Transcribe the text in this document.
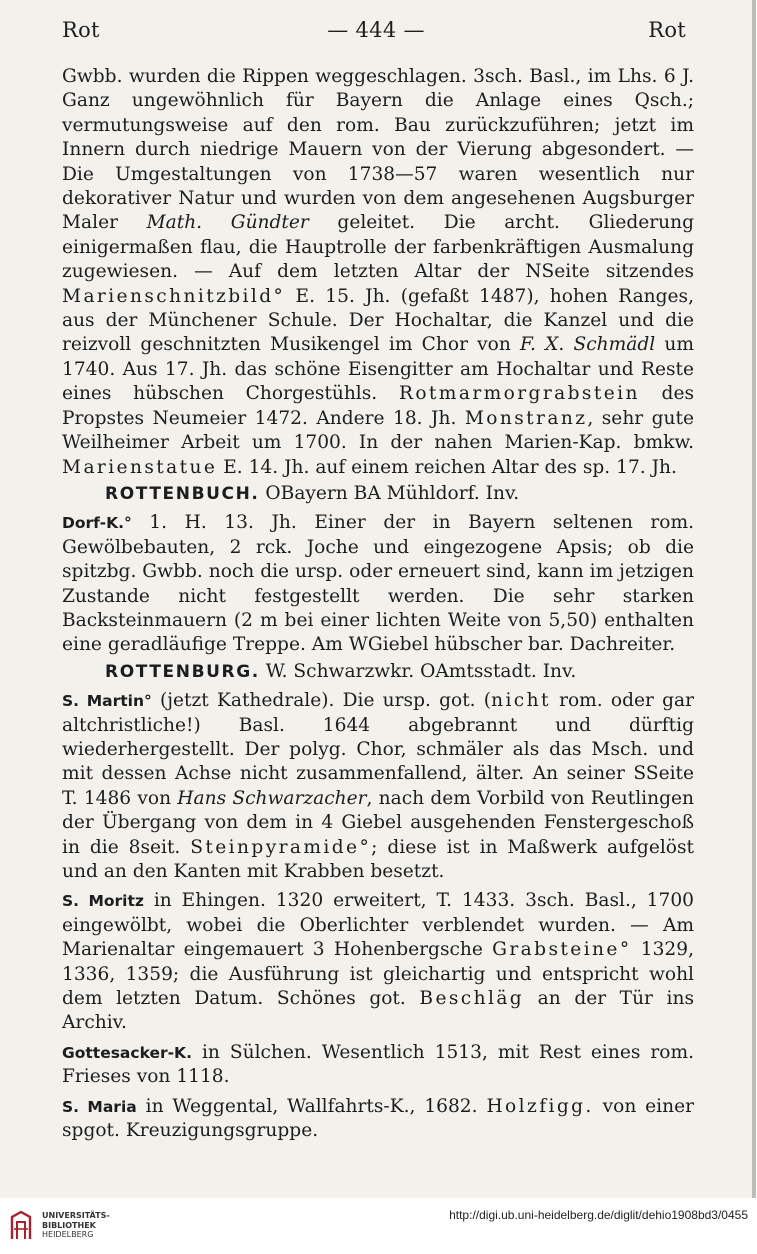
Rot	— 444 —	Rot

Gwbb. wurden die Rippen weggeschlagen. 3sch. Basl., im Lhs. 6 J. Ganz ungewöhnlich für Bayern die Anlage eines Qsch.; vermutungsweise auf den rom. Bau zurückzuführen; jetzt im Innern durch niedrige Mauern von der Vierung abgesondert. — Die Umgestaltungen von 1738—57 waren wesentlich nur dekorativer Natur und wurden von dem angesehenen Augsburger Maler Math. Gündter geleitet. Die archt. Gliederung einigermaßen flau, die Hauptrolle der farbenkräftigen Ausmalung zugewiesen. — Auf dem letzten Altar der NSeite sitzendes Marienschnitzbild° E. 15. Jh. (gefaßt 1487), hohen Ranges, aus der Münchener Schule. Der Hochaltar, die Kanzel und die reizvoll geschnitzten Musikengel im Chor von F. X. Schmädl um 1740. Aus 17. Jh. das schöne Eisengitter am Hochaltar und Reste eines hübschen Chorgestühls. Rotmarmorgrabstein des Propstes Neumeier 1472. Andere 18. Jh. Monstranz, sehr gute Weilheimer Arbeit um 1700. In der nahen Marien-Kap. bmkw. Marienstatue E. 14. Jh. auf einem reichen Altar des sp. 17. Jh.

ROTTENBUCH. OBayern BA Mühldorf. Inv.

Dorf-K.° 1. H. 13. Jh. Einer der in Bayern seltenen rom. Gewölbebauten, 2 rck. Joche und eingezogene Apsis; ob die spitzbg. Gwbb. noch die ursp. oder erneuert sind, kann im jetzigen Zustande nicht festgestellt werden. Die sehr starken Backsteinmauern (2 m bei einer lichten Weite von 5,50) enthalten eine geradläufige Treppe. Am WGiebel hübscher bar. Dachreiter.

ROTTENBURG. W. Schwarzwkr. OAmtsstadt. Inv.

S. Martin° (jetzt Kathedrale). Die ursp. got. (nicht rom. oder gar altchristliche!) Basl. 1644 abgebrannt und dürftig wiederhergestellt. Der polyg. Chor, schmäler als das Msch. und mit dessen Achse nicht zusammenfallend, älter. An seiner SSeite T. 1486 von Hans Schwarzacher, nach dem Vorbild von Reutlingen der Übergang von dem in 4 Giebel ausgehenden Fenstergeschoß in die 8seit. Steinpyramide°; diese ist in Maßwerk aufgelöst und an den Kanten mit Krabben besetzt.

S. Moritz in Ehingen. 1320 erweitert, T. 1433. 3sch. Basl., 1700 eingewölbt, wobei die Oberlichter verblendet wurden. — Am Marienaltar eingemauert 3 Hohenbergsche Grabsteine° 1329, 1336, 1359; die Ausführung ist gleichartig und entspricht wohl dem letzten Datum. Schönes got. Beschläg an der Tür ins Archiv.

Gottesacker-K. in Sülchen. Wesentlich 1513, mit Rest eines rom. Frieses von 1118.

S. Maria in Weggental, Wallfahrts-K., 1682. Holzfigg. von einer spgot. Kreuzigungsgruppe.

UNIVERSITÄTS-
BIBLIOTHEK
HEIDELBERG
http://digi.ub.uni-heidelberg.de/diglit/dehio1908bd3/0455
